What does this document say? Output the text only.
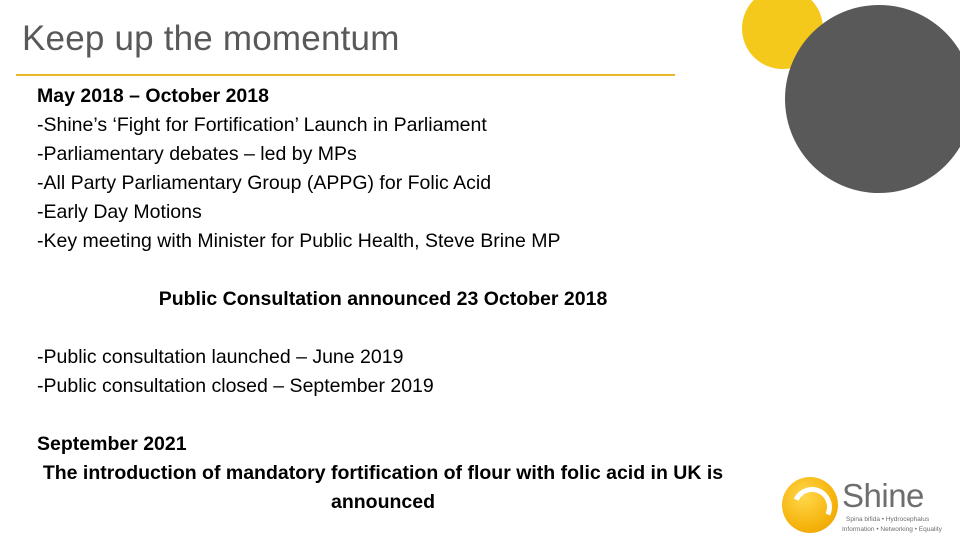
Keep up the momentum
May 2018 – October 2018
-Shine’s ‘Fight for Fortification’ Launch in Parliament
-Parliamentary debates – led by MPs
-All Party Parliamentary Group (APPG) for Folic Acid
-Early Day Motions
-Key meeting with Minister for Public Health, Steve Brine MP
Public Consultation announced 23 October 2018
-Public consultation launched – June 2019
-Public consultation closed – September 2019
September 2021
The introduction of mandatory fortification of flour with folic acid in UK is announced	Shine
Spina bifida • Hydrocephalus
Information • Networking • Equality
